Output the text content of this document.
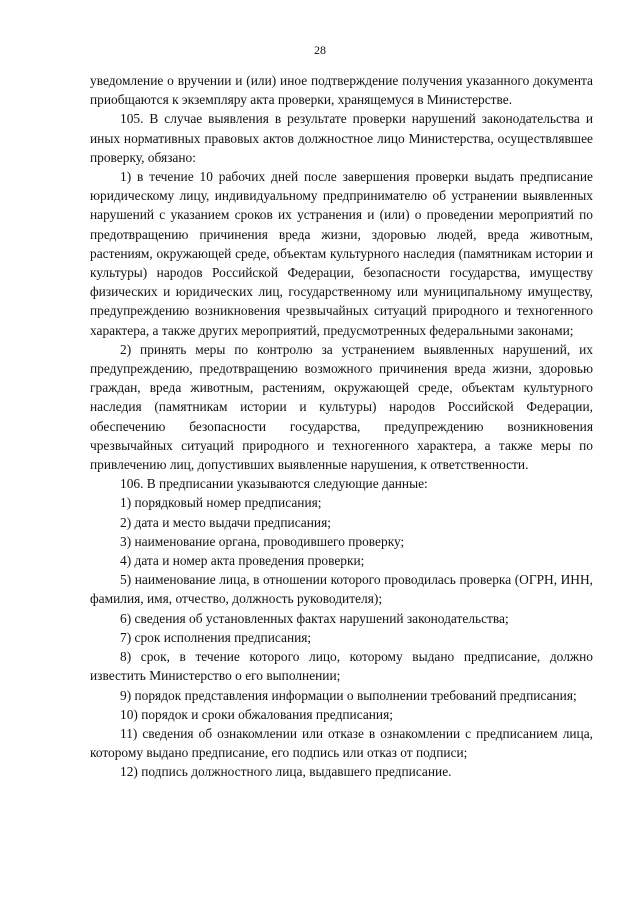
28

уведомление о вручении и (или) иное подтверждение получения указанного документа приобщаются к экземпляру акта проверки, хранящемуся в Министерстве.

105. В случае выявления в результате проверки нарушений законодательства и иных нормативных правовых актов должностное лицо Министерства, осуществлявшее проверку, обязано:

1) в течение 10 рабочих дней после завершения проверки выдать предписание юридическому лицу, индивидуальному предпринимателю об устранении выявленных нарушений с указанием сроков их устранения и (или) о проведении мероприятий по предотвращению причинения вреда жизни, здоровью людей, вреда животным, растениям, окружающей среде, объектам культурного наследия (памятникам истории и культуры) народов Российской Федерации, безопасности государства, имуществу физических и юридических лиц, государственному или муниципальному имуществу, предупреждению возникновения чрезвычайных ситуаций природного и техногенного характера, а также других мероприятий, предусмотренных федеральными законами;

2) принять меры по контролю за устранением выявленных нарушений, их предупреждению, предотвращению возможного причинения вреда жизни, здоровью граждан, вреда животным, растениям, окружающей среде, объектам культурного наследия (памятникам истории и культуры) народов Российской Федерации, обеспечению безопасности государства, предупреждению возникновения чрезвычайных ситуаций природного и техногенного характера, а также меры по привлечению лиц, допустивших выявленные нарушения, к ответственности.

106. В предписании указываются следующие данные:

1) порядковый номер предписания;

2) дата и место выдачи предписания;

3) наименование органа, проводившего проверку;

4) дата и номер акта проведения проверки;

5) наименование лица, в отношении которого проводилась проверка (ОГРН, ИНН, фамилия, имя, отчество, должность руководителя);

6) сведения об установленных фактах нарушений законодательства;

7) срок исполнения предписания;

8) срок, в течение которого лицо, которому выдано предписание, должно известить Министерство о его выполнении;

9) порядок представления информации о выполнении требований предписания;

10) порядок и сроки обжалования предписания;

11) сведения об ознакомлении или отказе в ознакомлении с предписанием лица, которому выдано предписание, его подпись или отказ от подписи;

12) подпись должностного лица, выдавшего предписание.
